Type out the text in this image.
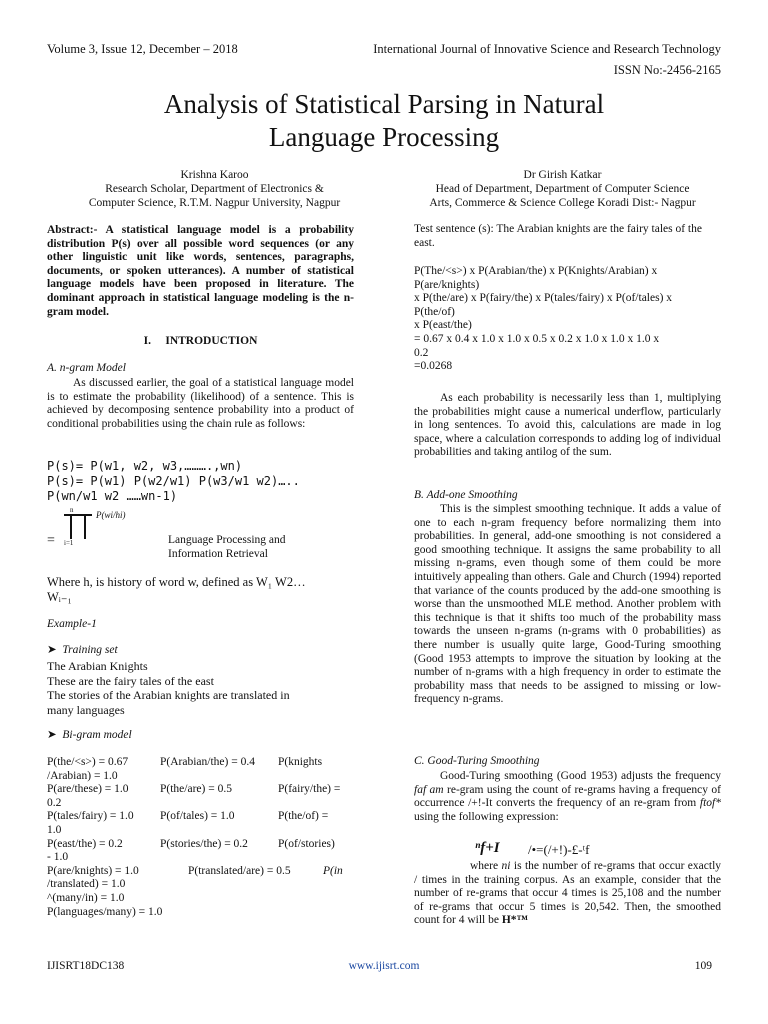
Volume 3, Issue 12, December – 2018	International Journal of Innovative Science and Research Technology
ISSN No:-2456-2165
Analysis of Statistical Parsing in Natural
Language Processing
Krishna Karoo
Research Scholar, Department of Electronics &
Computer Science, R.T.M. Nagpur University, Nagpur
Dr Girish Katkar
Head of Department, Department of Computer Science
Arts, Commerce & Science College Koradi Dist:- Nagpur
Abstract:- A statistical language model is a probability distribution P(s) over all possible word sequences (or any other linguistic unit like words, sentences, paragraphs, documents, or spoken utterances). A number of statistical language models have been proposed in literature. The dominant approach in statistical language modeling is the n-gram model.
I. INTRODUCTION
A. n-gram Model
As discussed earlier, the goal of a statistical language model is to estimate the probability (likelihood) of a sentence. This is achieved by decomposing sentence probability into a product of conditional probabilities using the chain rule as follows:
P(s)= P(w1, w2, w3,……….,wn)
P(s)= P(w1) P(w2/w1) P(w3/w1 w2)…..
P(wn/w1 w2 ……wn-1)
=
n
i=1
P(wi/hi)
Language Processing and
Information Retrieval
Where h, is history of word w, defined as W₁ W2…
Wᵢ₋₁
Example-1
➤ Training set
The Arabian Knights
These are the fairy tales of the east
The stories of the Arabian knights are translated in
many languages
➤ Bi-gram model
P(the/<s>) = 0.67	P(Arabian/the) = 0.4	P(knights
/Arabian) = 1.0
P(are/these) = 1.0	P(the/are) = 0.5	P(fairy/the) =
0.2
P(tales/fairy) = 1.0	P(of/tales) = 1.0	P(the/of) =
1.0
P(east/the) = 0.2	P(stories/the) = 0.2	P(of/stories)
- 1.0
P(are/knights) = 1.0	P(translated/are) = 0.5	P(in
/translated) = 1.0
^(many/in) = 1.0
P(languages/many) = 1.0
Test sentence (s): The Arabian knights are the fairy tales of the east.
P(The/<s>) x P(Arabian/the) x P(Knights/Arabian) x
P(are/knights)
x P(the/are) x P(fairy/the) x P(tales/fairy) x P(of/tales) x
P(the/of)
x P(east/the)
= 0.67 x 0.4 x 1.0 x 1.0 x 0.5 x 0.2 x 1.0 x 1.0 x 1.0 x
0.2
=0.0268
As each probability is necessarily less than 1, multiplying the probabilities might cause a numerical underflow, particularly in long sentences. To avoid this, calculations are made in log space, where a calculation corresponds to adding log of individual probabilities and taking antilog of the sum.
B. Add-one Smoothing
This is the simplest smoothing technique. It adds a value of one to each n-gram frequency before normalizing them into probabilities. In general, add-one smoothing is not considered a good smoothing technique. It assigns the same probability to all missing n-grams, even though some of them could be more intuitively appealing than others. Gale and Church (1994) reported that variance of the counts produced by the add-one smoothing is worse than the unsmoothed MLE method. Another problem with this technique is that it shifts too much of the probability mass towards the unseen n-grams (n-grams with 0 probabilities) as there number is usually quite large, Good-Turing smoothing (Good 1953 attempts to improve the situation by looking at the number of n-grams with a high frequency in order to estimate the probability mass that needs to be assigned to missing or low-frequency n-grams.
C. Good-Turing Smoothing
Good-Turing smoothing (Good 1953) adjusts the frequency faf am re-gram using the count of re-grams having a frequency of occurrence /+!-It converts the frequency of an re-gram from ftof* using the following expression:
ⁿf+I /•=(/+!)-£-ᵗf
where ni is the number of re-grams that occur exactly / times in the training corpus. As an example, consider that the number of re-grams that occur 4 times is 25,108 and the number of re-grams that occur 5 times is 20,542. Then, the smoothed count for 4 will be H*™
IJISRT18DC138	www.ijisrt.com	109
